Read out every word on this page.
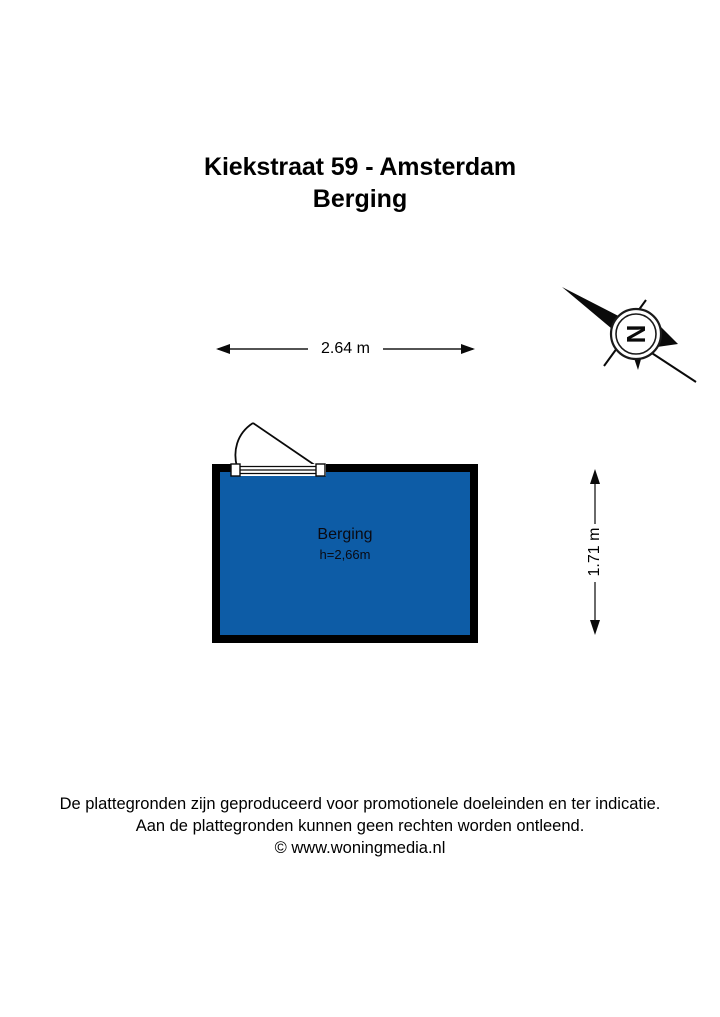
Kiekstraat 59 - Amsterdam
Berging
N
2.64 m
1.71 m
Berging
h=2,66m
De plattegronden zijn geproduceerd voor promotionele doeleinden en ter indicatie.
Aan de plattegronden kunnen geen rechten worden ontleend.
© www.woningmedia.nl
